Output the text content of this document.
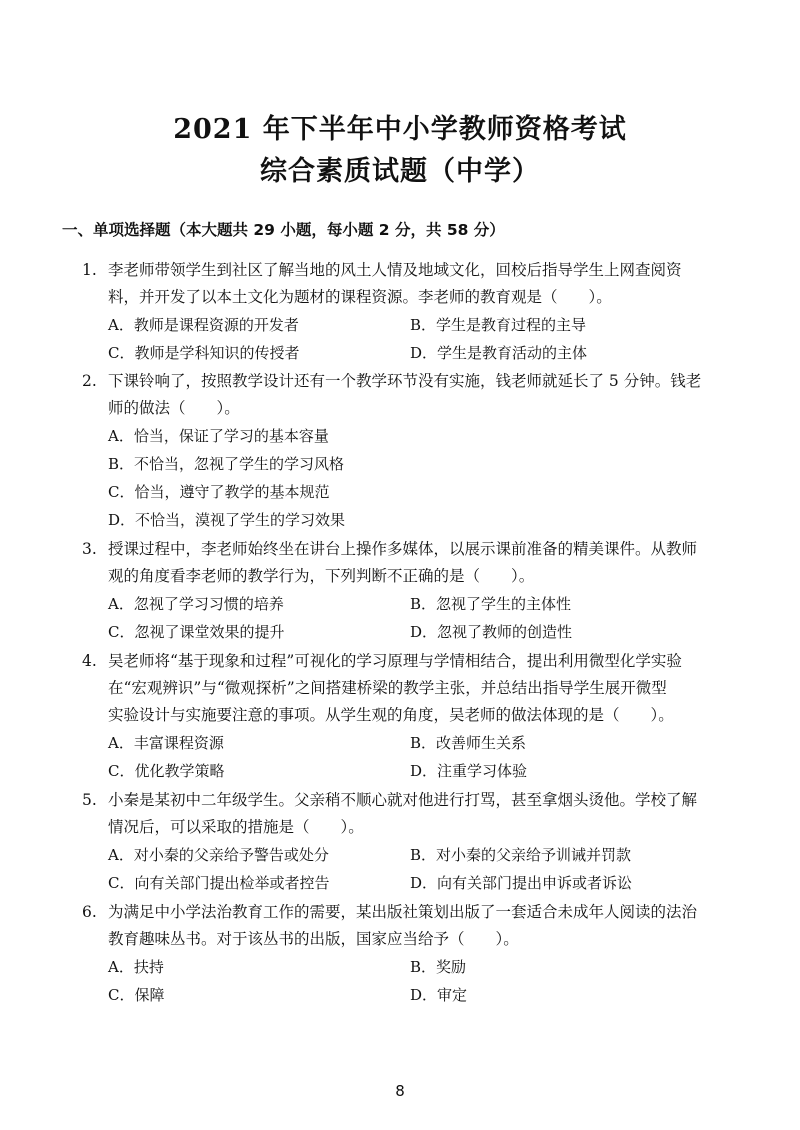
2021 年下半年中小学教师资格考试
综合素质试题（中学）
一、单项选择题（本大题共 29 小题，每小题 2 分，共 58 分）
1. 李老师带领学生到社区了解当地的风土人情及地域文化，回校后指导学生上网查阅资
料，并开发了以本土文化为题材的课程资源。李老师的教育观是（　　）。
A．教师是课程资源的开发者	B．学生是教育过程的主导
C．教师是学科知识的传授者	D．学生是教育活动的主体
2. 下课铃响了，按照教学设计还有一个教学环节没有实施，钱老师就延长了 5 分钟。钱老
师的做法（　　）。
A．恰当，保证了学习的基本容量
B．不恰当，忽视了学生的学习风格
C．恰当，遵守了教学的基本规范
D．不恰当，漠视了学生的学习效果
3. 授课过程中，李老师始终坐在讲台上操作多媒体，以展示课前准备的精美课件。从教师
观的角度看李老师的教学行为，下列判断不正确的是（　　）。
A．忽视了学习习惯的培养	B．忽视了学生的主体性
C．忽视了课堂效果的提升	D．忽视了教师的创造性
4. 吴老师将“基于现象和过程”可视化的学习原理与学情相结合，提出利用微型化学实验
在“宏观辨识”与“微观探析”之间搭建桥梁的教学主张，并总结出指导学生展开微型
实验设计与实施要注意的事项。从学生观的角度，吴老师的做法体现的是（　　）。
A．丰富课程资源	B．改善师生关系
C．优化教学策略	D．注重学习体验
5. 小秦是某初中二年级学生。父亲稍不顺心就对他进行打骂，甚至拿烟头烫他。学校了解
情况后，可以采取的措施是（　　）。
A．对小秦的父亲给予警告或处分	B．对小秦的父亲给予训诫并罚款
C．向有关部门提出检举或者控告	D．向有关部门提出申诉或者诉讼
6. 为满足中小学法治教育工作的需要，某出版社策划出版了一套适合未成年人阅读的法治
教育趣味丛书。对于该丛书的出版，国家应当给予（　　）。
A．扶持	B．奖励
C．保障	D．审定
8
